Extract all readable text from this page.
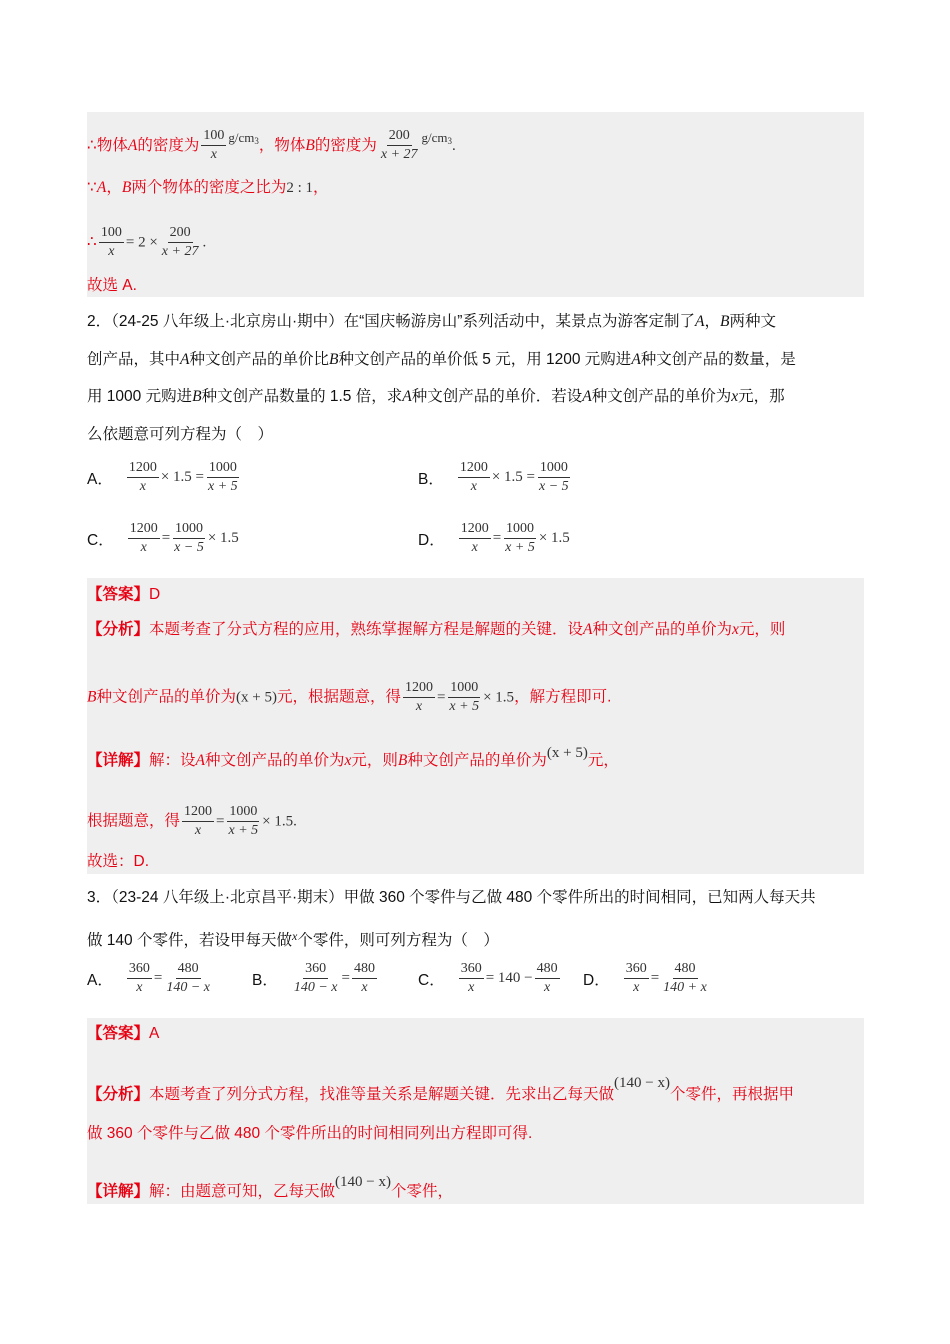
∴物体A的密度为 $\frac{100}{x} ^{g/cm3}$，物体B的密度为 $\frac{200}{x + 27} ^{g/cm3}$.
∵A，B两个物体的密度之比为2 : 1，
∴ $\frac{100}{x} = 2 \times \frac{200}{x + 27}$ .
故选 A.
2．（24-25 八年级上·北京房山·期中）在“国庆畅游房山”系列活动中，某景点为游客定制了A，B两种文
创产品，其中A种文创产品的单价比B种文创产品的单价低 5 元，用 1200 元购进A种文创产品的数量，是
用 1000 元购进B种文创产品数量的 1.5 倍，求A种文创产品的单价．若设A种文创产品的单价为x元，那
么依题意可列方程为（　）
A． $\frac{1200}{x} \times 1.5 = \frac{1000}{x + 5}$	B． $\frac{1200}{x} \times 1.5 = \frac{1000}{x - 5}$
C． $\frac{1200}{x} = \frac{1000}{x - 5} \times 1.5$	D． $\frac{1200}{x} = \frac{1000}{x + 5} \times 1.5$
【答案】D
【分析】本题考查了分式方程的应用，熟练掌握解方程是解题的关键．设A种文创产品的单价为x元，则
B种文创产品的单价为(x + 5)元，根据题意，得 $\frac{1200}{x} = \frac{1000}{x + 5} \times 1.5$，解方程即可.
【详解】解：设A种文创产品的单价为x元，则B种文创产品的单价为(x + 5)元，
根据题意，得 $\frac{1200}{x} = \frac{1000}{x + 5} \times 1.5$.
故选：D.
3．（23-24 八年级上·北京昌平·期末）甲做 360 个零件与乙做 480 个零件所出的时间相同，已知两人每天共
做 140 个零件，若设甲每天做$^x$个零件，则可列方程为（　）
A． $\frac{360}{x} = \frac{480}{140 - x}$	B． $\frac{360}{140 - x} = \frac{480}{x}$	C． $\frac{360}{x} = 140 - \frac{480}{x}$ D． $\frac{360}{x} = \frac{480}{140 + x}$
【答案】A
【分析】本题考查了列分式方程，找准等量关系是解题关键．先求出乙每天做(140 − x)个零件，再根据甲
做 360 个零件与乙做 480 个零件所出的时间相同列出方程即可得.
【详解】解：由题意可知，乙每天做(140 − x)个零件，
